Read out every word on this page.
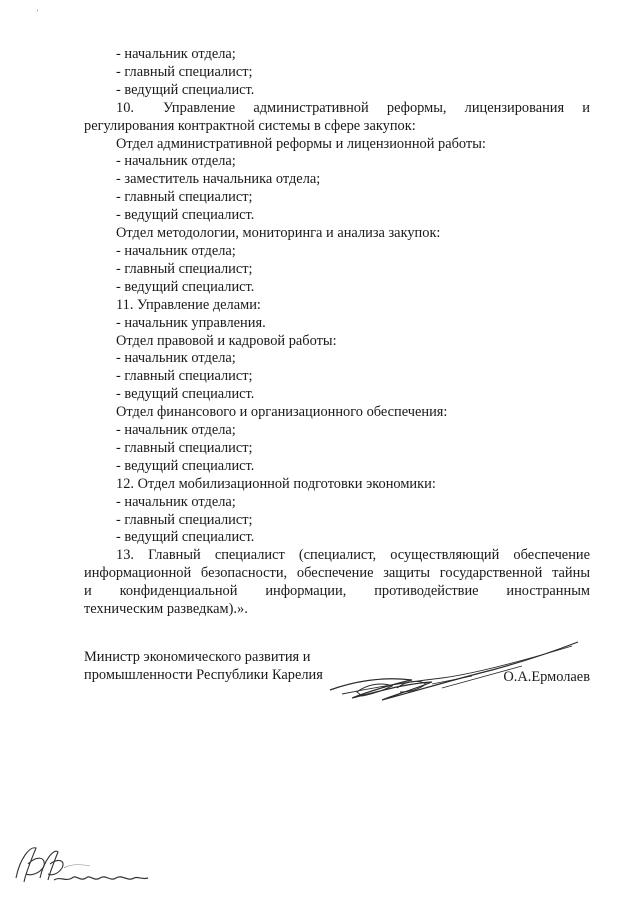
’
- начальник отдела;
- главный специалист;
- ведущий специалист.
10.	Управление административной реформы, лицензирования и
регулирования контрактной системы в сфере закупок:
Отдел административной реформы и лицензионной работы:
- начальник отдела;
- заместитель начальника отдела;
- главный специалист;
- ведущий специалист.
Отдел методологии, мониторинга и анализа закупок:
- начальник отдела;
- главный специалист;
- ведущий специалист.
11. Управление делами:
- начальник управления.
Отдел правовой и кадровой работы:
- начальник отдела;
- главный специалист;
- ведущий специалист.
Отдел финансового и организационного обеспечения:
- начальник отдела;
- главный специалист;
- ведущий специалист.
12. Отдел мобилизационной подготовки экономики:
- начальник отдела;
- главный специалист;
- ведущий специалист.
13. Главный специалист (специалист, осуществляющий обеспечение
информационной безопасности, обеспечение защиты государственной тайны
и конфиденциальной информации, противодействие иностранным
техническим разведкам).».
Министр экономического развития и
промышленности Республики Карелия	О.А.Ермолаев
